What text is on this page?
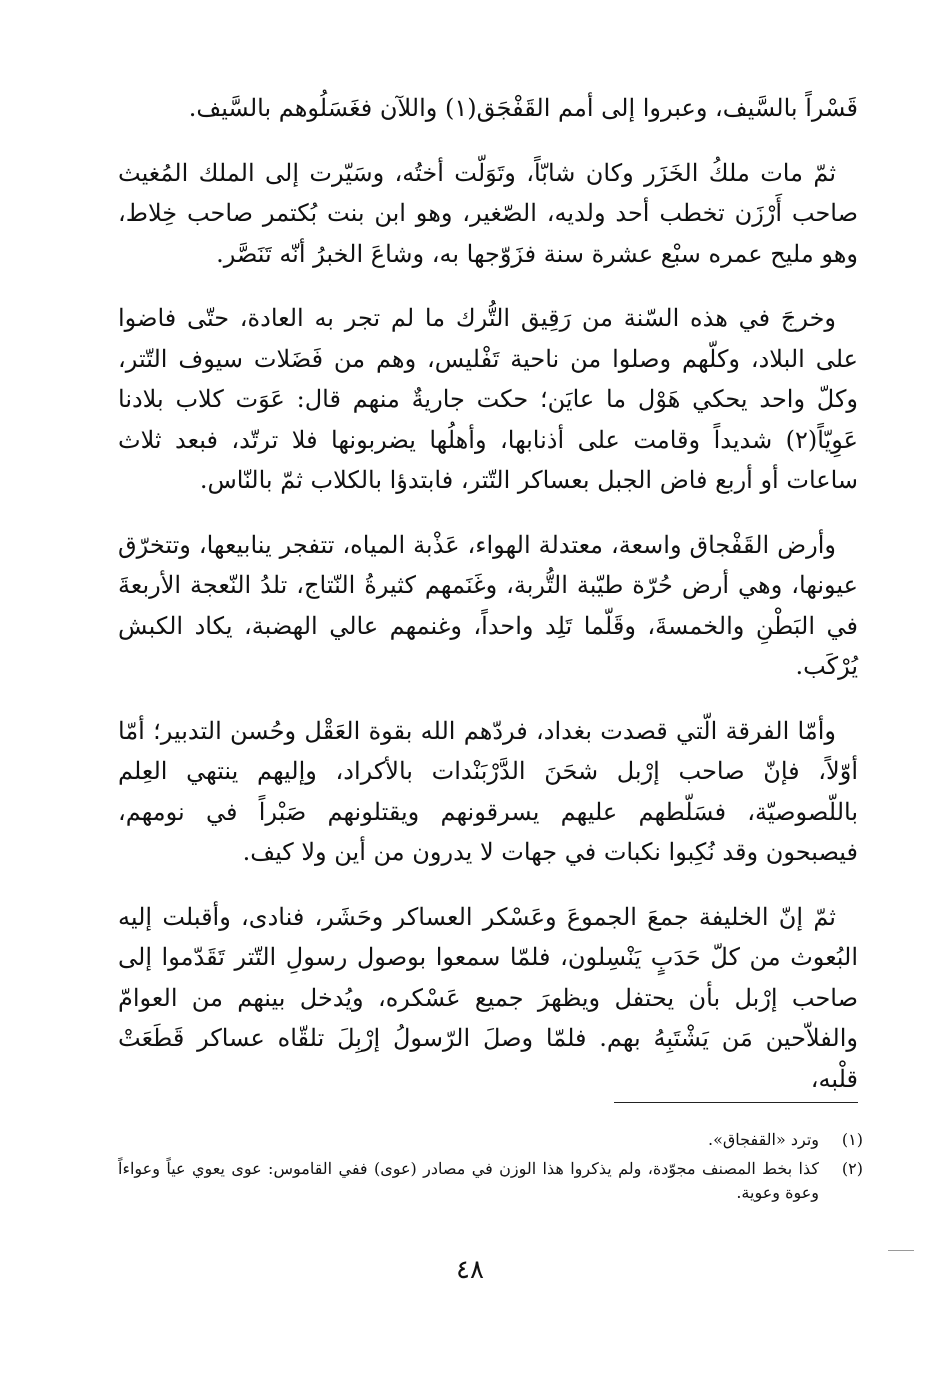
قَسْراً بالسَّيف، وعبروا إلى أمم القَفْجَق(١) واللآن فغَسَلُوهم بالسَّيف.

ثمّ مات ملكُ الخَزَر وكان شابّاً، وتَوَلّت أختُه، وسَيّرت إلى الملك المُغيث صاحب أَرْزَن تخطب أحد ولديه، الصّغير، وهو ابن بنت بُكتمر صاحب خِلاط، وهو مليح عمره سبْع عشرة سنة فزَوّجها به، وشاعَ الخبرُ أنّه تَنَصَّر.

وخرجَ في هذه السّنة من رَقِيق التُّرك ما لم تجر به العادة، حتّى فاضوا على البلاد، وكلّهم وصلوا من ناحية تَفْليس، وهم من فَضَلات سيوف التّتر، وكلّ واحد يحكي هَوْل ما عايَن؛ حكت جاريةٌ منهم قال: عَوَت كلاب بلادنا عَوِيّاً(٢) شديداً وقامت على أذنابها، وأهلُها يضربونها فلا ترتّد، فبعد ثلاث ساعات أو أربع فاض الجبل بعساكر التّتر، فابتدؤا بالكلاب ثمّ بالنّاس.

وأرض القَفْجاق واسعة، معتدلة الهواء، عَذْبة المياه، تتفجر ينابيعها، وتتخرّق عيونها، وهي أرض حُرّة طيّبة التُّربة، وغَنَمهم كثيرةُ النّتاج، تلدُ النّعجة الأربعةَ في البَطْنِ والخمسةَ، وقَلّما تَلِد واحداً، وغنمهم عالي الهضبة، يكاد الكبش يُرْكَب.

وأمّا الفرقة الّتي قصدت بغداد، فردّهم الله بقوة العَقْل وحُسن التدبير؛ أمّا أوّلاً، فإنّ صاحب إرْبل شحَنَ الدَّرْبَنْدات بالأكراد، وإليهم ينتهي العِلم باللّصوصيّة، فسَلّطهم عليهم يسرقونهم ويقتلونهم صَبْراً في نومهم، فيصبحون وقد نُكِبوا نكبات في جهات لا يدرون من أين ولا كيف.

ثمّ إنّ الخليفة جمعَ الجموعَ وعَسْكر العساكر وحَشَر، فنادى، وأقبلت إليه البُعوث من كلّ حَدَبٍ يَنْسِلون، فلمّا سمعوا بوصول رسولِ التّتر تَقَدّموا إلى صاحب إرْبل بأن يحتفل ويظهرَ جميع عَسْكره، ويُدخل بينهم من العوامّ والفلاّحين مَن يَشْتَبِهُ بهم. فلمّا وصلَ الرّسولُ إرْبِلَ تلقّاه عساكر قَطَعَتْ قلْبه،

(١)
وترد «القفجاق».
(٢)
كذا بخط المصنف مجوّدة، ولم يذكروا هذا الوزن في مصادر (عوى) ففي القاموس: عوى يعوي عياً وعواءاً وعوة وعوية.
٤٨
